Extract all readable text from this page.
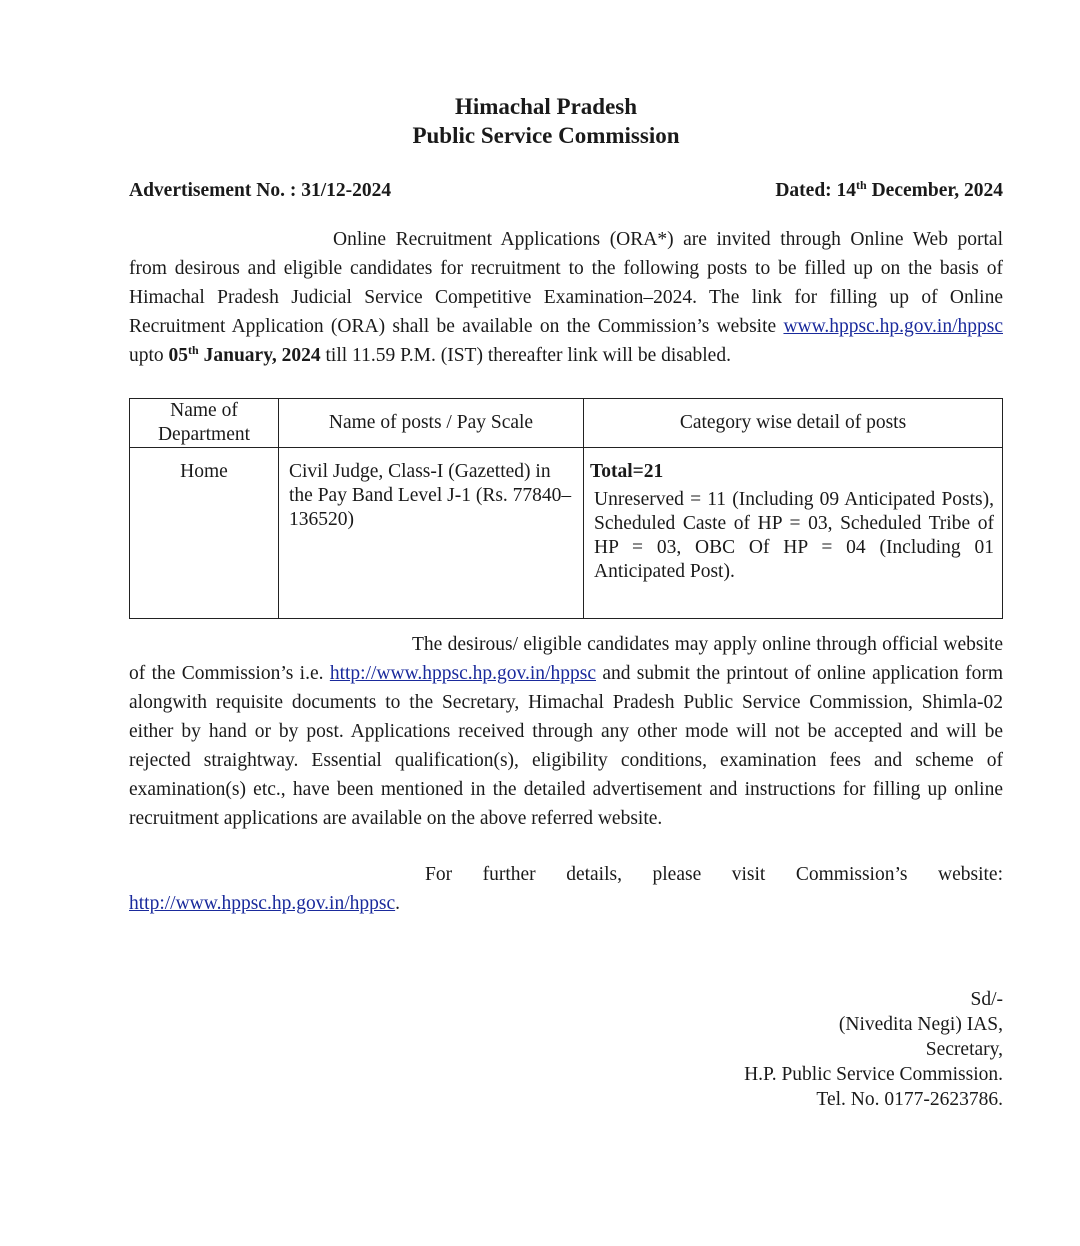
Himachal Pradesh
Public Service Commission
Advertisement No. : 31/12-2024	Dated: 14th December, 2024
Online Recruitment Applications (ORA*) are invited through Online Web portal from desirous and eligible candidates for recruitment to the following posts to be filled up on the basis of Himachal Pradesh Judicial Service Competitive Examination–2024. The link for filling up of Online Recruitment Application (ORA) shall be available on the Commission’s website www.hppsc.hp.gov.in/hppsc upto 05th January, 2024 till 11.59 P.M. (IST) thereafter link will be disabled.
Name of Department	Name of posts / Pay Scale	Category wise detail of posts
Home	Civil Judge, Class-I (Gazetted) in the Pay Band Level J-1 (Rs. 77840–136520)	Total=21
Unreserved = 11 (Including 09 Anticipated Posts), Scheduled Caste of HP = 03, Scheduled Tribe of HP = 03, OBC Of HP = 04 (Including 01 Anticipated Post).
The desirous/ eligible candidates may apply online through official website of the Commission’s i.e. http://www.hppsc.hp.gov.in/hppsc and submit the printout of online application form alongwith requisite documents to the Secretary, Himachal Pradesh Public Service Commission, Shimla-02 either by hand or by post. Applications received through any other mode will not be accepted and will be rejected straightway. Essential qualification(s), eligibility conditions, examination fees and scheme of examination(s) etc., have been mentioned in the detailed advertisement and instructions for filling up online recruitment applications are available on the above referred website.
For further details, please visit Commission’s website: http://www.hppsc.hp.gov.in/hppsc.
Sd/-
(Nivedita Negi) IAS,
Secretary,
H.P. Public Service Commission.
Tel. No. 0177-2623786.
